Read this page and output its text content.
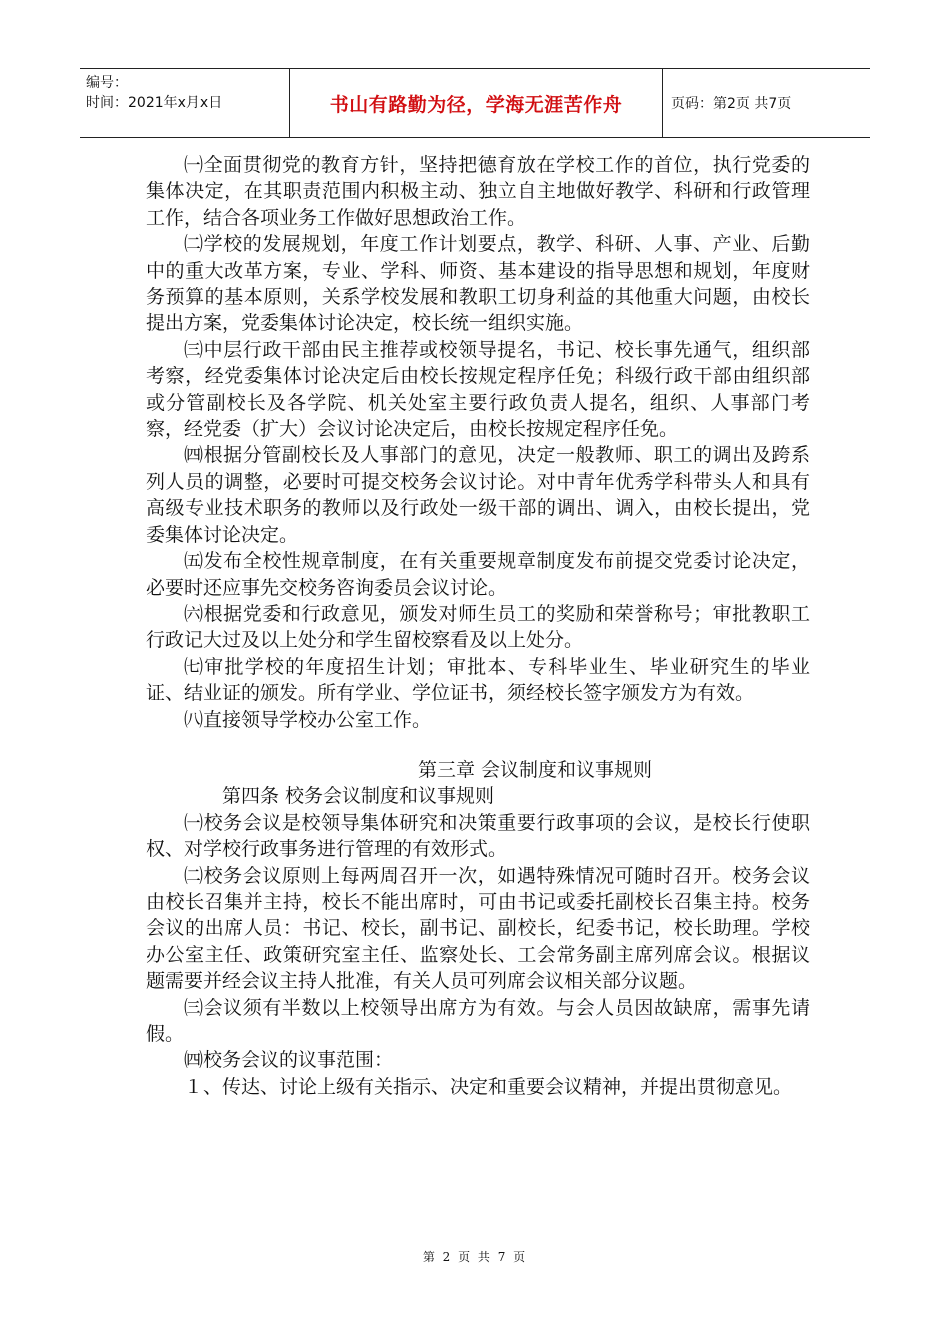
编号：
时间：2021年x月x日	书山有路勤为径，学海无涯苦作舟	页码：第2页 共7页

㈠全面贯彻党的教育方针，坚持把德育放在学校工作的首位，执行党委的集体决定，在其职责范围内积极主动、独立自主地做好教学、科研和行政管理工作，结合各项业务工作做好思想政治工作。

㈡学校的发展规划，年度工作计划要点，教学、科研、人事、产业、后勤中的重大改革方案，专业、学科、师资、基本建设的指导思想和规划，年度财务预算的基本原则，关系学校发展和教职工切身利益的其他重大问题，由校长提出方案，党委集体讨论决定，校长统一组织实施。

㈢中层行政干部由民主推荐或校领导提名，书记、校长事先通气，组织部考察，经党委集体讨论决定后由校长按规定程序任免；科级行政干部由组织部或分管副校长及各学院、机关处室主要行政负责人提名，组织、人事部门考察，经党委（扩大）会议讨论决定后，由校长按规定程序任免。

㈣根据分管副校长及人事部门的意见，决定一般教师、职工的调出及跨系列人员的调整，必要时可提交校务会议讨论。对中青年优秀学科带头人和具有高级专业技术职务的教师以及行政处一级干部的调出、调入，由校长提出，党委集体讨论决定。

㈤发布全校性规章制度，在有关重要规章制度发布前提交党委讨论决定，必要时还应事先交校务咨询委员会议讨论。

㈥根据党委和行政意见，颁发对师生员工的奖励和荣誉称号；审批教职工行政记大过及以上处分和学生留校察看及以上处分。

㈦审批学校的年度招生计划；审批本、专科毕业生、毕业研究生的毕业证、结业证的颁发。所有学业、学位证书，须经校长签字颁发方为有效。

㈧直接领导学校办公室工作。

第三章 会议制度和议事规则

第四条 校务会议制度和议事规则

㈠校务会议是校领导集体研究和决策重要行政事项的会议，是校长行使职权、对学校行政事务进行管理的有效形式。

㈡校务会议原则上每两周召开一次，如遇特殊情况可随时召开。校务会议由校长召集并主持，校长不能出席时，可由书记或委托副校长召集主持。校务会议的出席人员：书记、校长，副书记、副校长，纪委书记，校长助理。学校办公室主任、政策研究室主任、监察处长、工会常务副主席列席会议。根据议题需要并经会议主持人批准，有关人员可列席会议相关部分议题。

㈢会议须有半数以上校领导出席方为有效。与会人员因故缺席，需事先请假。

㈣校务会议的议事范围：

１、传达、讨论上级有关指示、决定和重要会议精神，并提出贯彻意见。

第 2 页 共 7 页
